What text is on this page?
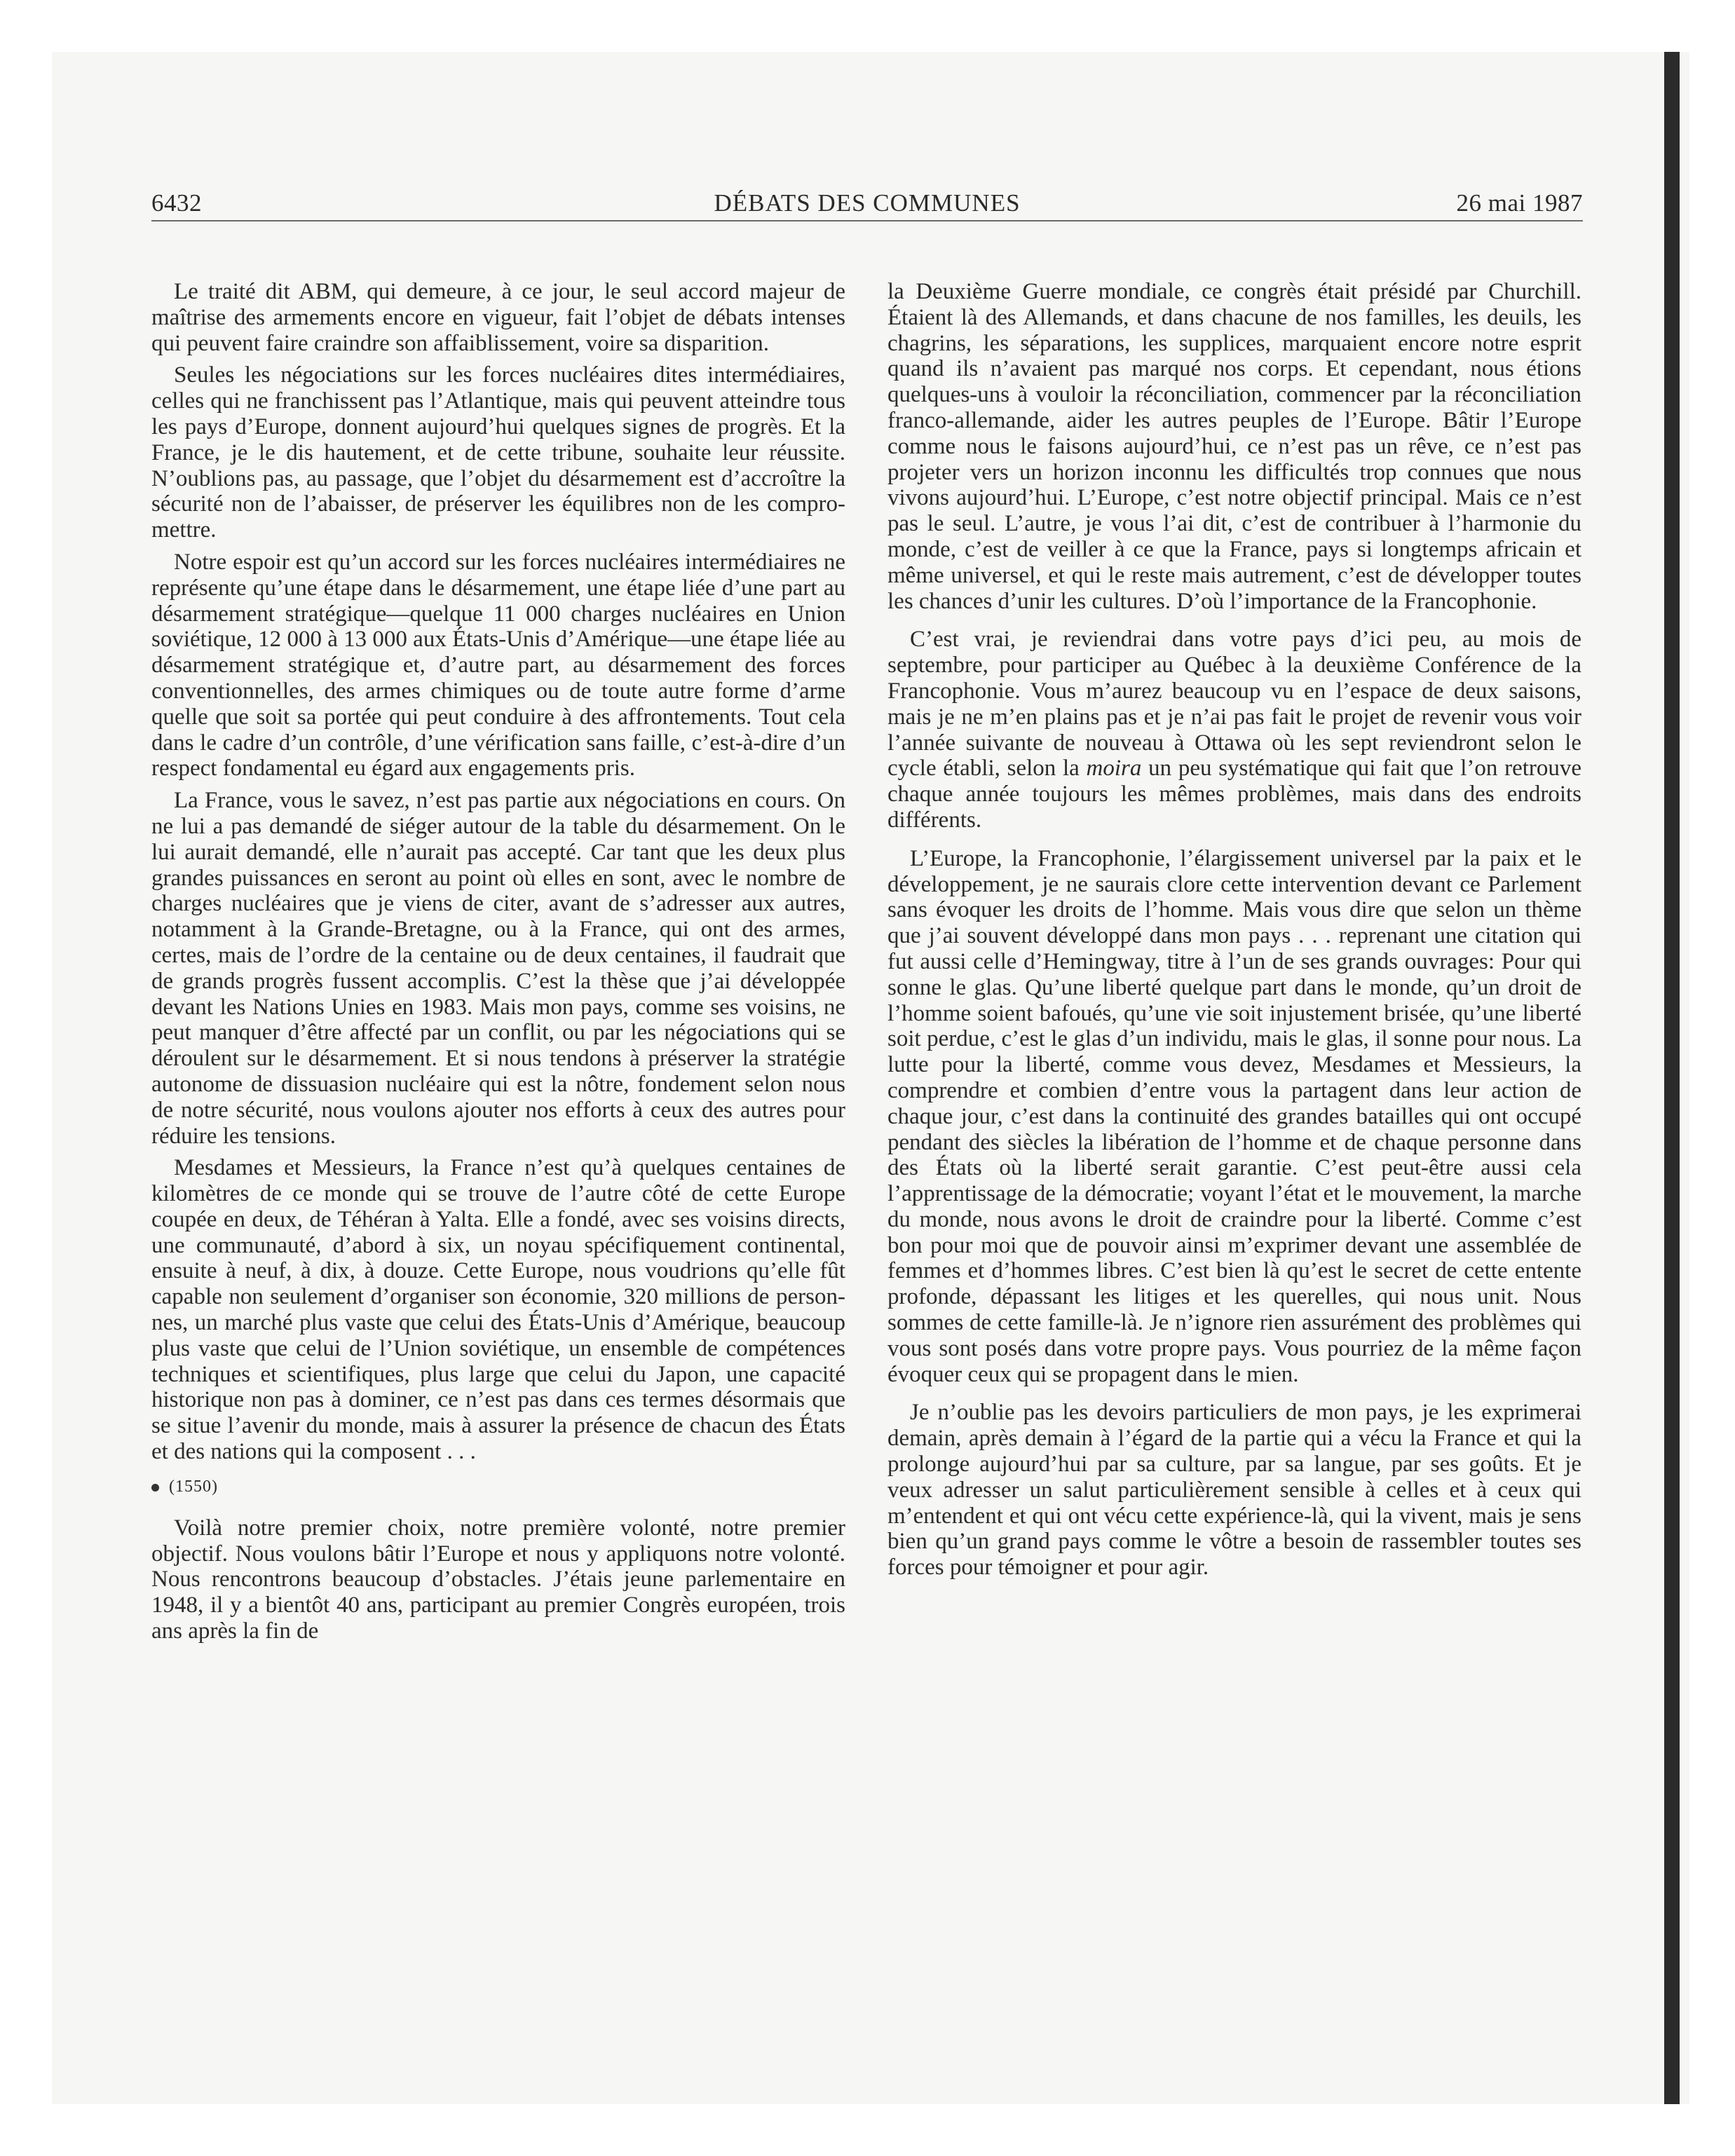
6432	DÉBATS DES COMMUNES	26 mai 1987

Le traité dit ABM, qui demeure, à ce jour, le seul accord majeur de maîtrise des armements encore en vigueur, fait l’objet de débats intenses qui peuvent faire craindre son affaiblissement, voire sa disparition.

Seules les négociations sur les forces nucléaires dites intermédiaires, celles qui ne franchissent pas l’Atlantique, mais qui peuvent atteindre tous les pays d’Europe, donnent aujourd’hui quelques signes de progrès. Et la France, je le dis hautement, et de cette tribune, souhaite leur réussite. N’oublions pas, au passage, que l’objet du désarmement est d’accroître la sécurité non de l’abaisser, de préserver les équilibres non de les compromettre.

Notre espoir est qu’un accord sur les forces nucléaires intermédiaires ne représente qu’une étape dans le désarmement, une étape liée d’une part au désarmement stratégique—quelque 11 000 charges nucléaires en Union soviétique, 12 000 à 13 000 aux États-Unis d’Amérique—une étape liée au désarmement stratégique et, d’autre part, au désarmement des forces conventionnelles, des armes chimiques ou de toute autre forme d’arme quelle que soit sa portée qui peut conduire à des affrontements. Tout cela dans le cadre d’un contrôle, d’une vérification sans faille, c’est-à-dire d’un respect fondamental eu égard aux engagements pris.

La France, vous le savez, n’est pas partie aux négociations en cours. On ne lui a pas demandé de siéger autour de la table du désarmement. On le lui aurait demandé, elle n’aurait pas accepté. Car tant que les deux plus grandes puissances en seront au point où elles en sont, avec le nombre de charges nucléaires que je viens de citer, avant de s’adresser aux autres, notamment à la Grande-Bretagne, ou à la France, qui ont des armes, certes, mais de l’ordre de la centaine ou de deux centaines, il faudrait que de grands progrès fussent accomplis. C’est la thèse que j’ai développée devant les Nations Unies en 1983. Mais mon pays, comme ses voisins, ne peut manquer d’être affecté par un conflit, ou par les négociations qui se déroulent sur le désarmement. Et si nous tendons à préserver la stratégie autonome de dissuasion nucléaire qui est la nôtre, fondement selon nous de notre sécurité, nous voulons ajouter nos efforts à ceux des autres pour réduire les tensions.

Mesdames et Messieurs, la France n’est qu’à quelques centaines de kilomètres de ce monde qui se trouve de l’autre côté de cette Europe coupée en deux, de Téhéran à Yalta. Elle a fondé, avec ses voisins directs, une communauté, d’abord à six, un noyau spécifiquement continental, ensuite à neuf, à dix, à douze. Cette Europe, nous voudrions qu’elle fût capable non seulement d’organiser son économie, 320 millions de personnes, un marché plus vaste que celui des États-Unis d’Amérique, beaucoup plus vaste que celui de l’Union soviétique, un ensemble de compétences techniques et scientifiques, plus large que celui du Japon, une capacité historique non pas à dominer, ce n’est pas dans ces termes désormais que se situe l’avenir du monde, mais à assurer la présence de chacun des États et des nations qui la composent . . .

(1550)

Voilà notre premier choix, notre première volonté, notre premier objectif. Nous voulons bâtir l’Europe et nous y appliquons notre volonté. Nous rencontrons beaucoup d’obstacles. J’étais jeune parlementaire en 1948, il y a bientôt 40 ans, participant au premier Congrès européen, trois ans après la fin de

la Deuxième Guerre mondiale, ce congrès était présidé par Churchill. Étaient là des Allemands, et dans chacune de nos familles, les deuils, les chagrins, les séparations, les supplices, marquaient encore notre esprit quand ils n’avaient pas marqué nos corps. Et cependant, nous étions quelques-uns à vouloir la réconciliation, commencer par la réconciliation franco-allemande, aider les autres peuples de l’Europe. Bâtir l’Europe comme nous le faisons aujourd’hui, ce n’est pas un rêve, ce n’est pas projeter vers un horizon inconnu les difficultés trop connues que nous vivons aujourd’hui. L’Europe, c’est notre objectif principal. Mais ce n’est pas le seul. L’autre, je vous l’ai dit, c’est de contribuer à l’harmonie du monde, c’est de veiller à ce que la France, pays si longtemps africain et même universel, et qui le reste mais autrement, c’est de développer toutes les chances d’unir les cultures. D’où l’importance de la Francophonie.

C’est vrai, je reviendrai dans votre pays d’ici peu, au mois de septembre, pour participer au Québec à la deuxième Conférence de la Francophonie. Vous m’aurez beaucoup vu en l’espace de deux saisons, mais je ne m’en plains pas et je n’ai pas fait le projet de revenir vous voir l’année suivante de nouveau à Ottawa où les sept reviendront selon le cycle établi, selon la moira un peu systématique qui fait que l’on retrouve chaque année toujours les mêmes problèmes, mais dans des endroits différents.

L’Europe, la Francophonie, l’élargissement universel par la paix et le développement, je ne saurais clore cette intervention devant ce Parlement sans évoquer les droits de l’homme. Mais vous dire que selon un thème que j’ai souvent développé dans mon pays . . . reprenant une citation qui fut aussi celle d’Hemingway, titre à l’un de ses grands ouvrages: Pour qui sonne le glas. Qu’une liberté quelque part dans le monde, qu’un droit de l’homme soient bafoués, qu’une vie soit injustement brisée, qu’une liberté soit perdue, c’est le glas d’un individu, mais le glas, il sonne pour nous. La lutte pour la liberté, comme vous devez, Mesdames et Messieurs, la comprendre et combien d’entre vous la partagent dans leur action de chaque jour, c’est dans la continuité des grandes batailles qui ont occupé pendant des siècles la libération de l’homme et de chaque personne dans des États où la liberté serait garantie. C’est peut-être aussi cela l’apprentissage de la démocratie; voyant l’état et le mouvement, la marche du monde, nous avons le droit de craindre pour la liberté. Comme c’est bon pour moi que de pouvoir ainsi m’exprimer devant une assemblée de femmes et d’hommes libres. C’est bien là qu’est le secret de cette entente profonde, dépassant les litiges et les querelles, qui nous unit. Nous sommes de cette famille-là. Je n’ignore rien assurément des problèmes qui vous sont posés dans votre propre pays. Vous pourriez de la même façon évoquer ceux qui se propagent dans le mien.

Je n’oublie pas les devoirs particuliers de mon pays, je les exprimerai demain, après demain à l’égard de la partie qui a vécu la France et qui la prolonge aujourd’hui par sa culture, par sa langue, par ses goûts. Et je veux adresser un salut particulièrement sensible à celles et à ceux qui m’entendent et qui ont vécu cette expérience-là, qui la vivent, mais je sens bien qu’un grand pays comme le vôtre a besoin de rassembler toutes ses forces pour témoigner et pour agir.
